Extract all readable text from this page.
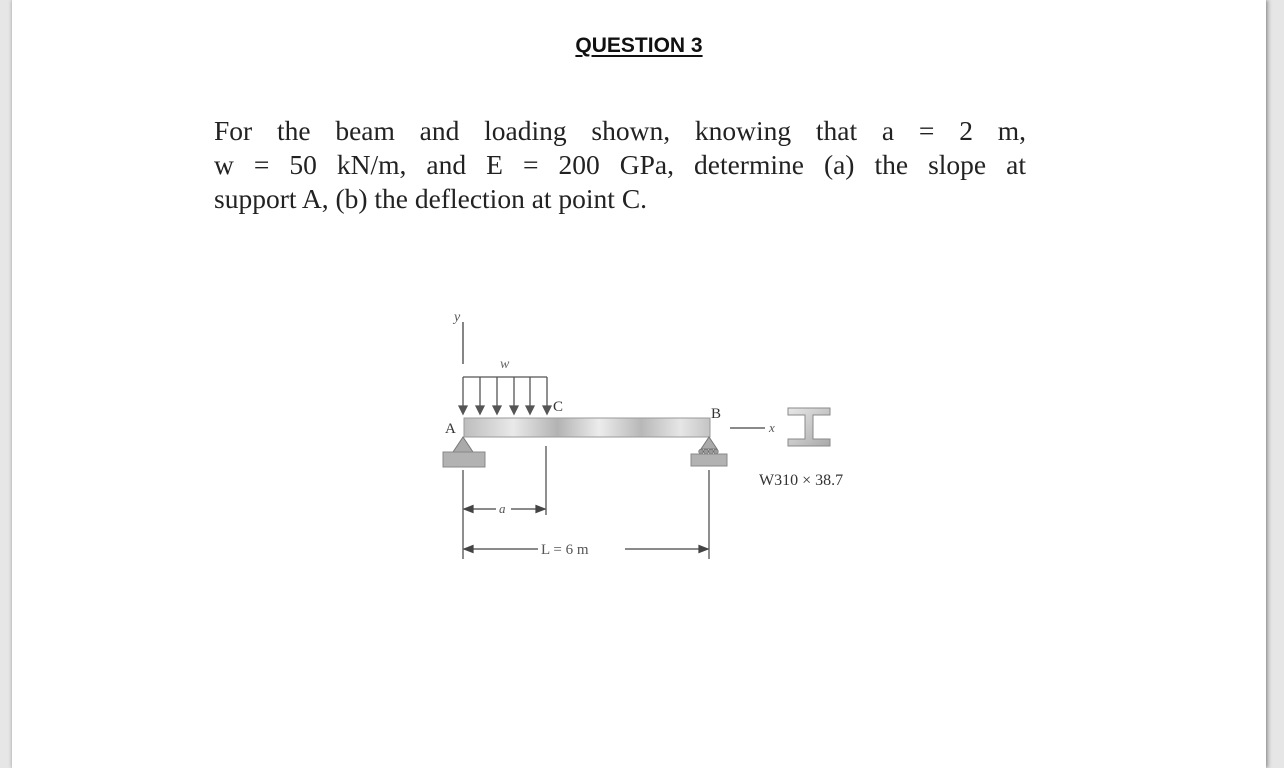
QUESTION 3
For the beam and loading shown, knowing that a = 2 m,
w = 50 kN/m, and E = 200 GPa, determine (a) the slope at
support A, (b) the deflection at point C.
y
w
C
A
B
x
W310 × 38.7
a
L = 6 m
